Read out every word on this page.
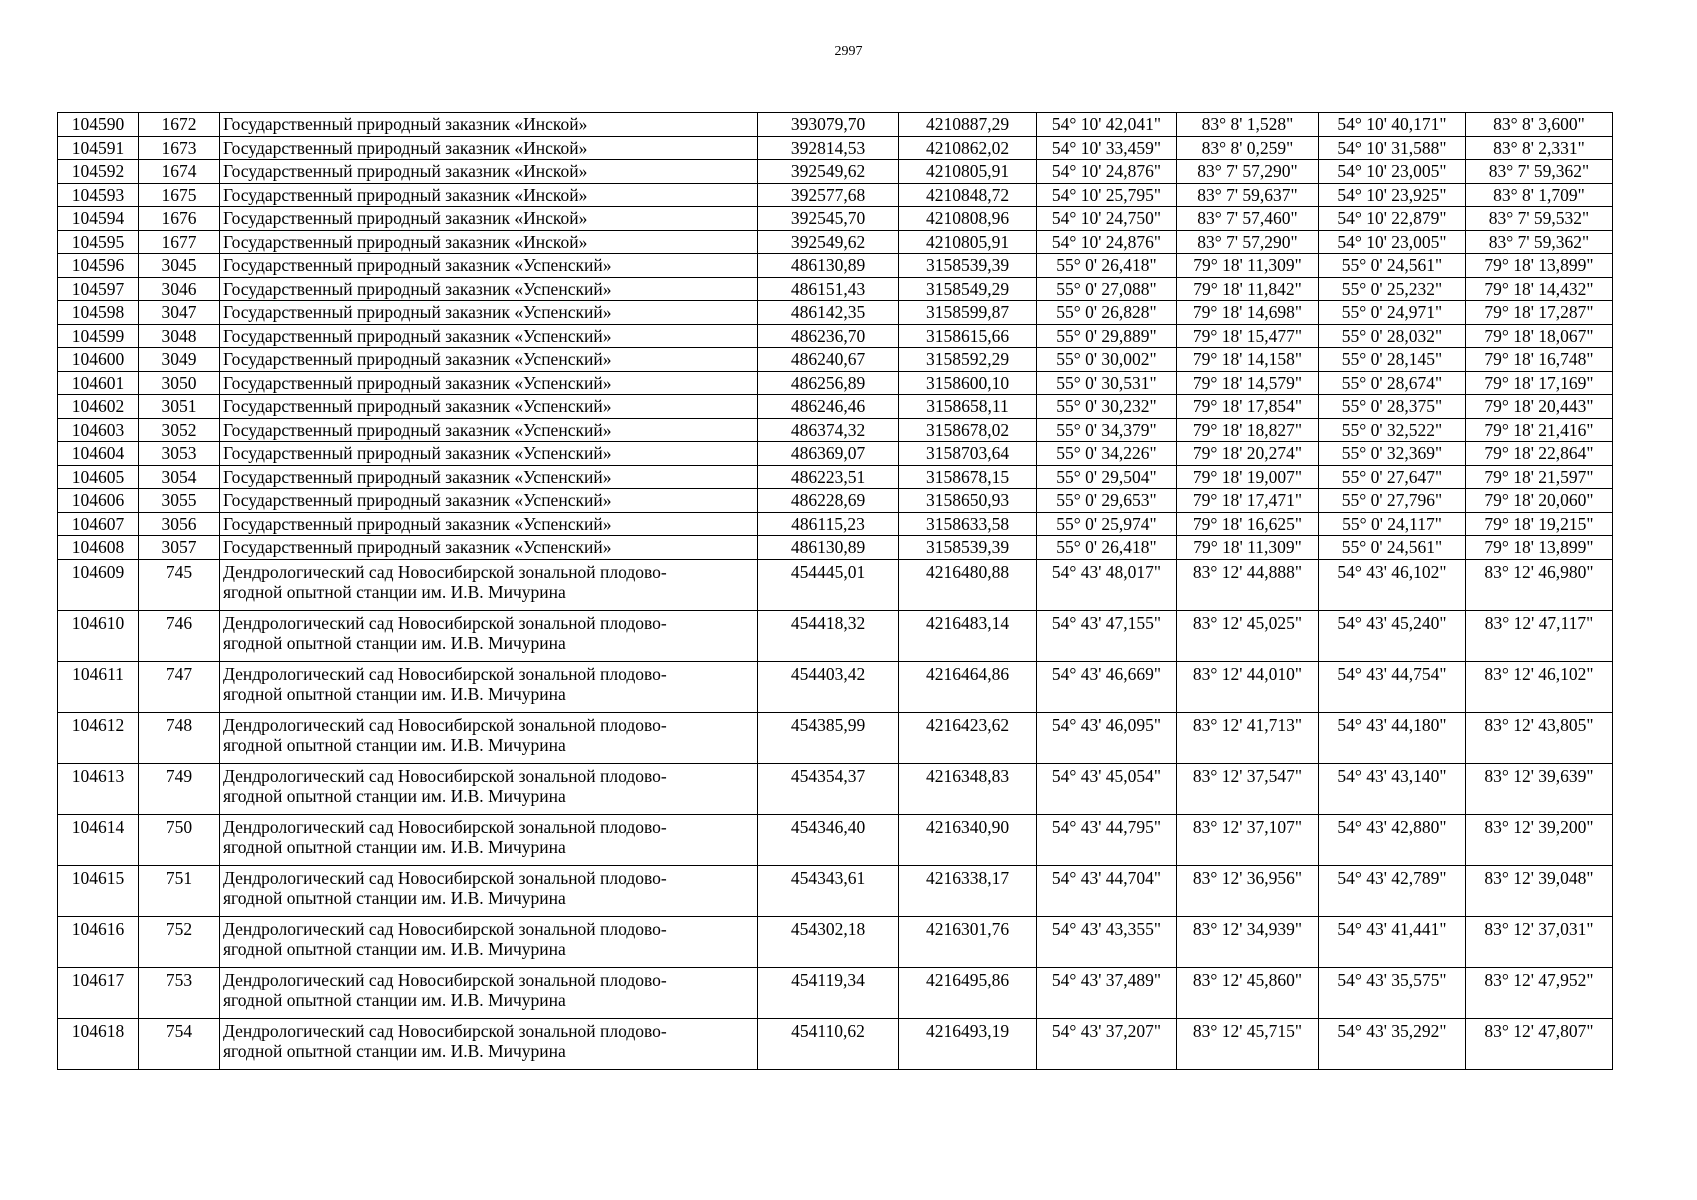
2997
104590	1672	Государственный природный заказник «Инской»	393079,70	4210887,29	54° 10' 42,041"	83° 8' 1,528"	54° 10' 40,171"	83° 8' 3,600"
104591	1673	Государственный природный заказник «Инской»	392814,53	4210862,02	54° 10' 33,459"	83° 8' 0,259"	54° 10' 31,588"	83° 8' 2,331"
104592	1674	Государственный природный заказник «Инской»	392549,62	4210805,91	54° 10' 24,876"	83° 7' 57,290"	54° 10' 23,005"	83° 7' 59,362"
104593	1675	Государственный природный заказник «Инской»	392577,68	4210848,72	54° 10' 25,795"	83° 7' 59,637"	54° 10' 23,925"	83° 8' 1,709"
104594	1676	Государственный природный заказник «Инской»	392545,70	4210808,96	54° 10' 24,750"	83° 7' 57,460"	54° 10' 22,879"	83° 7' 59,532"
104595	1677	Государственный природный заказник «Инской»	392549,62	4210805,91	54° 10' 24,876"	83° 7' 57,290"	54° 10' 23,005"	83° 7' 59,362"
104596	3045	Государственный природный заказник «Успенский»	486130,89	3158539,39	55° 0' 26,418"	79° 18' 11,309"	55° 0' 24,561"	79° 18' 13,899"
104597	3046	Государственный природный заказник «Успенский»	486151,43	3158549,29	55° 0' 27,088"	79° 18' 11,842"	55° 0' 25,232"	79° 18' 14,432"
104598	3047	Государственный природный заказник «Успенский»	486142,35	3158599,87	55° 0' 26,828"	79° 18' 14,698"	55° 0' 24,971"	79° 18' 17,287"
104599	3048	Государственный природный заказник «Успенский»	486236,70	3158615,66	55° 0' 29,889"	79° 18' 15,477"	55° 0' 28,032"	79° 18' 18,067"
104600	3049	Государственный природный заказник «Успенский»	486240,67	3158592,29	55° 0' 30,002"	79° 18' 14,158"	55° 0' 28,145"	79° 18' 16,748"
104601	3050	Государственный природный заказник «Успенский»	486256,89	3158600,10	55° 0' 30,531"	79° 18' 14,579"	55° 0' 28,674"	79° 18' 17,169"
104602	3051	Государственный природный заказник «Успенский»	486246,46	3158658,11	55° 0' 30,232"	79° 18' 17,854"	55° 0' 28,375"	79° 18' 20,443"
104603	3052	Государственный природный заказник «Успенский»	486374,32	3158678,02	55° 0' 34,379"	79° 18' 18,827"	55° 0' 32,522"	79° 18' 21,416"
104604	3053	Государственный природный заказник «Успенский»	486369,07	3158703,64	55° 0' 34,226"	79° 18' 20,274"	55° 0' 32,369"	79° 18' 22,864"
104605	3054	Государственный природный заказник «Успенский»	486223,51	3158678,15	55° 0' 29,504"	79° 18' 19,007"	55° 0' 27,647"	79° 18' 21,597"
104606	3055	Государственный природный заказник «Успенский»	486228,69	3158650,93	55° 0' 29,653"	79° 18' 17,471"	55° 0' 27,796"	79° 18' 20,060"
104607	3056	Государственный природный заказник «Успенский»	486115,23	3158633,58	55° 0' 25,974"	79° 18' 16,625"	55° 0' 24,117"	79° 18' 19,215"
104608	3057	Государственный природный заказник «Успенский»	486130,89	3158539,39	55° 0' 26,418"	79° 18' 11,309"	55° 0' 24,561"	79° 18' 13,899"
104609	745	Дендрологический сад Новосибирской зональной плодово-
ягодной опытной станции им. И.В. Мичурина	454445,01	4216480,88	54° 43' 48,017"	83° 12' 44,888"	54° 43' 46,102"	83° 12' 46,980"
104610	746	Дендрологический сад Новосибирской зональной плодово-
ягодной опытной станции им. И.В. Мичурина	454418,32	4216483,14	54° 43' 47,155"	83° 12' 45,025"	54° 43' 45,240"	83° 12' 47,117"
104611	747	Дендрологический сад Новосибирской зональной плодово-
ягодной опытной станции им. И.В. Мичурина	454403,42	4216464,86	54° 43' 46,669"	83° 12' 44,010"	54° 43' 44,754"	83° 12' 46,102"
104612	748	Дендрологический сад Новосибирской зональной плодово-
ягодной опытной станции им. И.В. Мичурина	454385,99	4216423,62	54° 43' 46,095"	83° 12' 41,713"	54° 43' 44,180"	83° 12' 43,805"
104613	749	Дендрологический сад Новосибирской зональной плодово-
ягодной опытной станции им. И.В. Мичурина	454354,37	4216348,83	54° 43' 45,054"	83° 12' 37,547"	54° 43' 43,140"	83° 12' 39,639"
104614	750	Дендрологический сад Новосибирской зональной плодово-
ягодной опытной станции им. И.В. Мичурина	454346,40	4216340,90	54° 43' 44,795"	83° 12' 37,107"	54° 43' 42,880"	83° 12' 39,200"
104615	751	Дендрологический сад Новосибирской зональной плодово-
ягодной опытной станции им. И.В. Мичурина	454343,61	4216338,17	54° 43' 44,704"	83° 12' 36,956"	54° 43' 42,789"	83° 12' 39,048"
104616	752	Дендрологический сад Новосибирской зональной плодово-
ягодной опытной станции им. И.В. Мичурина	454302,18	4216301,76	54° 43' 43,355"	83° 12' 34,939"	54° 43' 41,441"	83° 12' 37,031"
104617	753	Дендрологический сад Новосибирской зональной плодово-
ягодной опытной станции им. И.В. Мичурина	454119,34	4216495,86	54° 43' 37,489"	83° 12' 45,860"	54° 43' 35,575"	83° 12' 47,952"
104618	754	Дендрологический сад Новосибирской зональной плодово-
ягодной опытной станции им. И.В. Мичурина	454110,62	4216493,19	54° 43' 37,207"	83° 12' 45,715"	54° 43' 35,292"	83° 12' 47,807"
